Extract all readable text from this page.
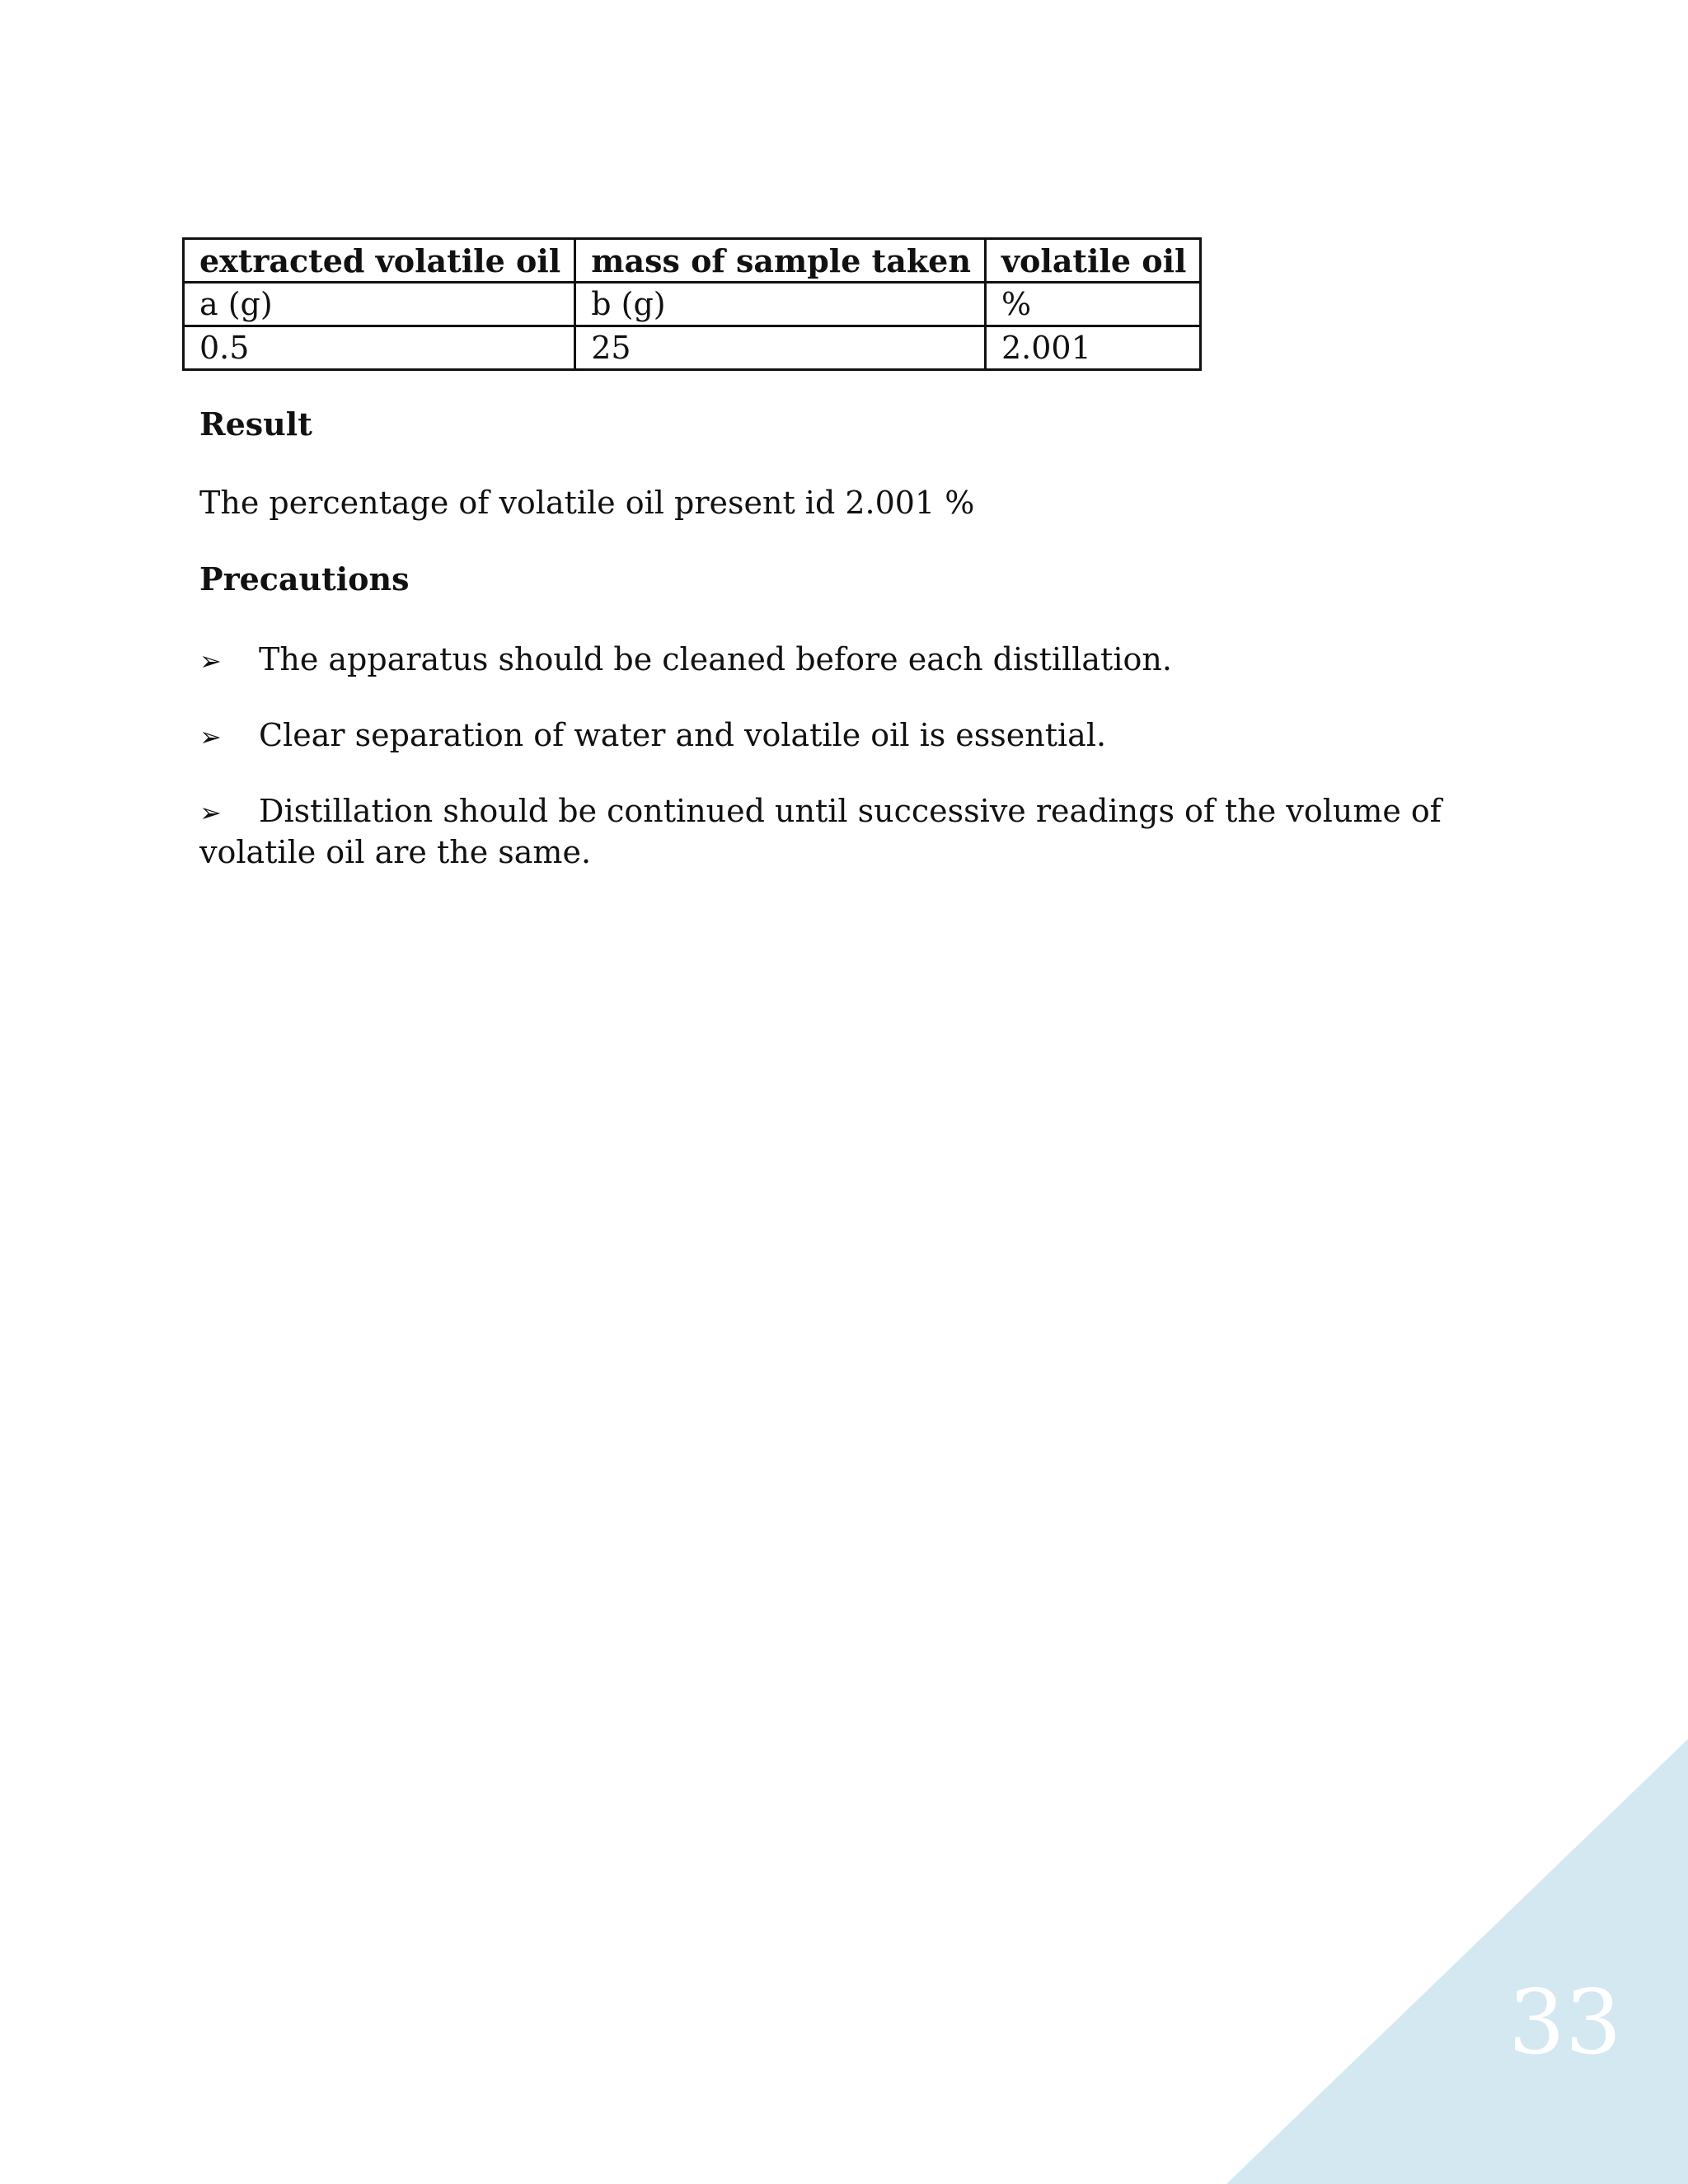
extracted volatile oil	mass of sample taken	volatile oil
a (g)	b (g)	%
0.5	25	2.001
Result
The percentage of volatile oil present id 2.001 %
Precautions
➢ The apparatus should be cleaned before each distillation.
➢ Clear separation of water and volatile oil is essential.
➢ Distillation should be continued until successive readings of the volume of volatile oil are the same.
33
